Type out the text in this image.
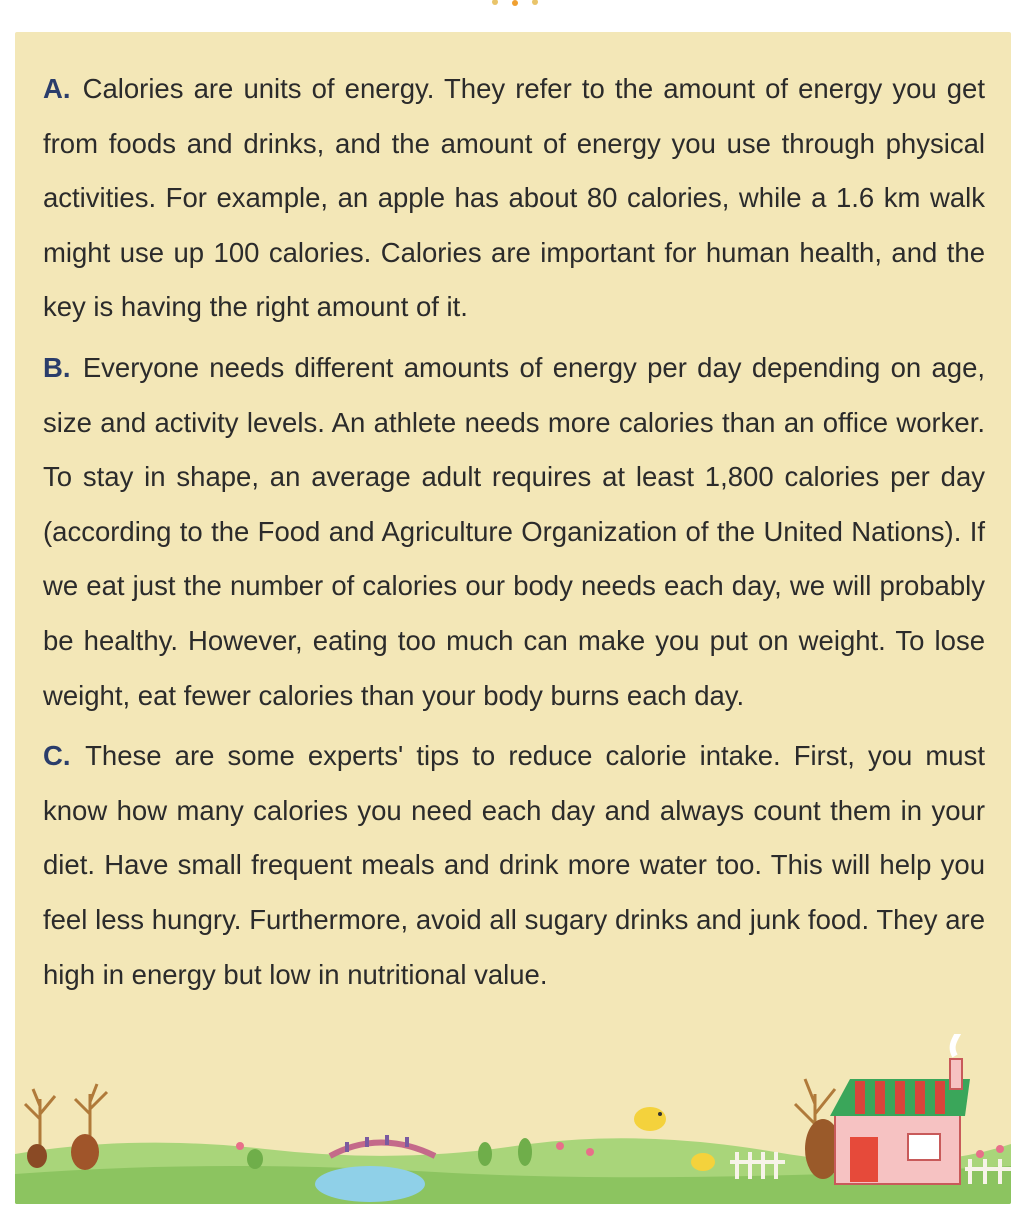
A. Calories are units of energy. They refer to the amount of energy you get from foods and drinks, and the amount of energy you use through physical activities. For example, an apple has about 80 calories, while a 1.6 km walk might use up 100 calories. Calories are important for human health, and the key is having the right amount of it.

B. Everyone needs different amounts of energy per day depending on age, size and activity levels. An athlete needs more calories than an office worker. To stay in shape, an average adult requires at least 1,800 calories per day (according to the Food and Agriculture Organization of the United Nations). If we eat just the number of calories our body needs each day, we will probably be healthy. However, eating too much can make you put on weight. To lose weight, eat fewer calories than your body burns each day.

C. These are some experts' tips to reduce calorie intake. First, you must know how many calories you need each day and always count them in your diet. Have small frequent meals and drink more water too. This will help you feel less hungry. Furthermore, avoid all sugary drinks and junk food. They are high in energy but low in nutritional value.
